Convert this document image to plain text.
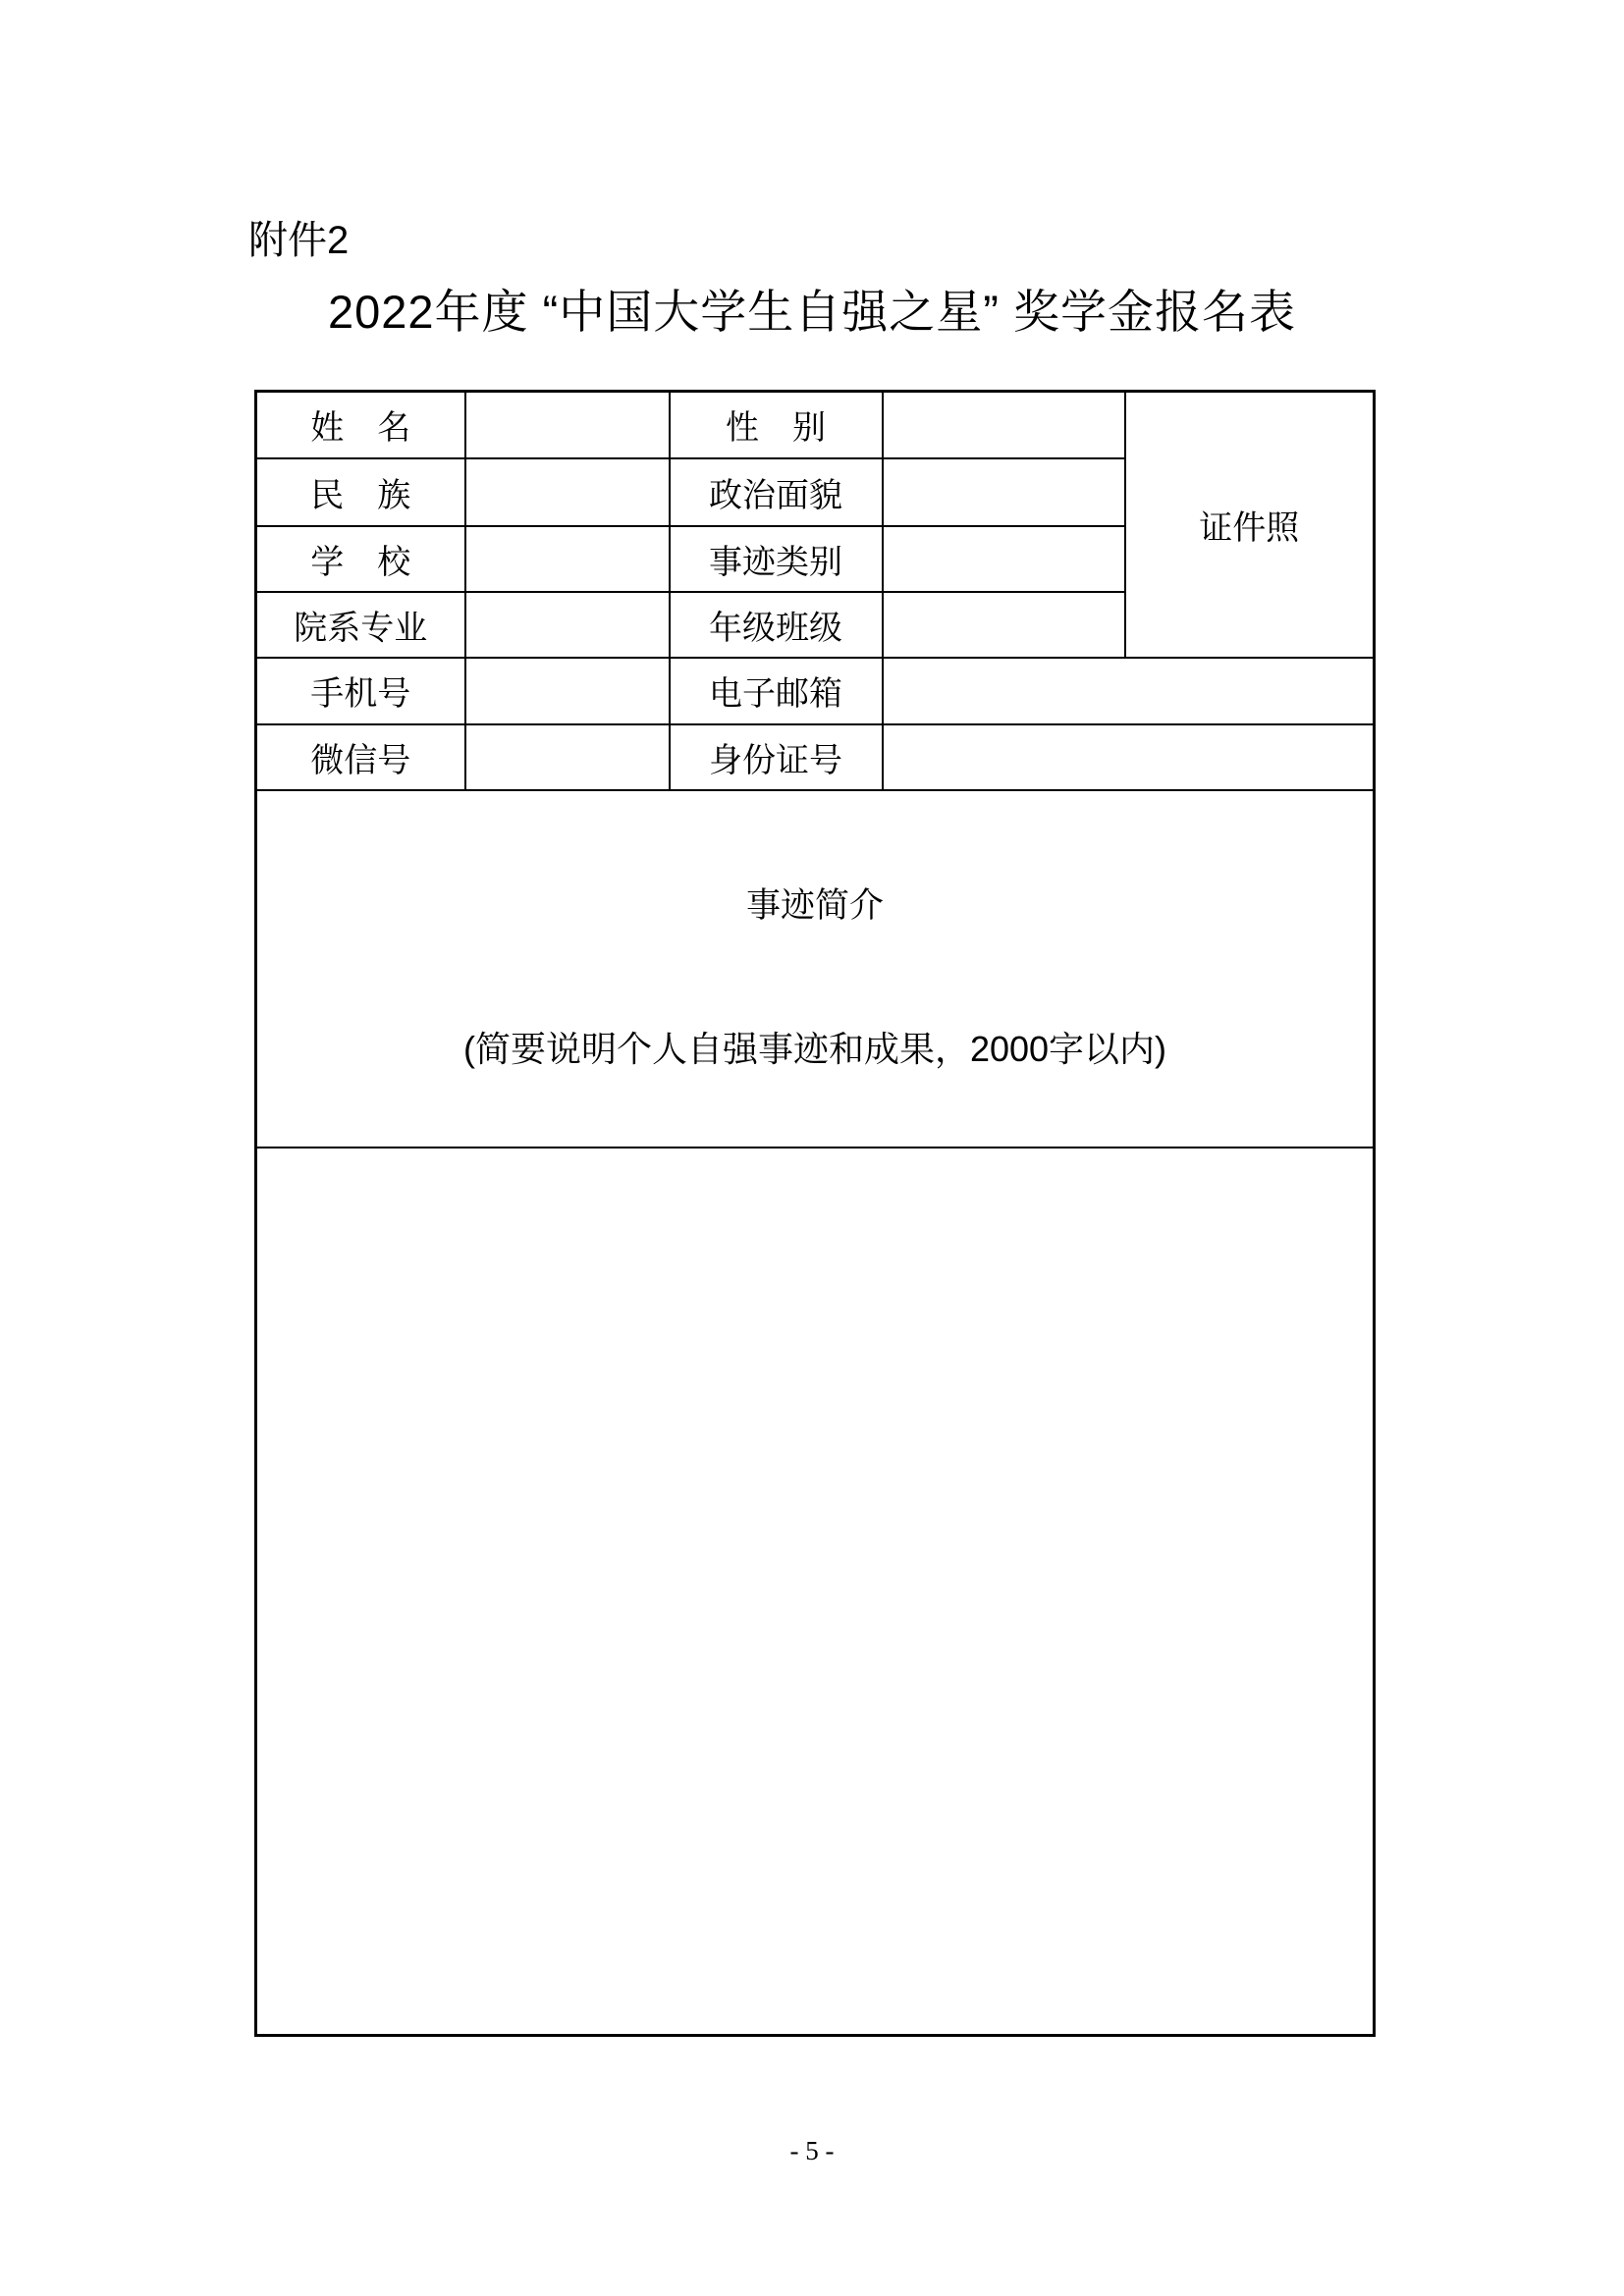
附件2
2022年度 “中国大学生自强之星” 奖学金报名表
姓　名		性　别		证件照
民　族		政治面貌		
学　校		事迹类别		
院系专业		年级班级		
手机号		电子邮箱		
微信号		身份证号		

事迹简介

(简要说明个人自强事迹和成果，2000字以内)				

- 5 -
